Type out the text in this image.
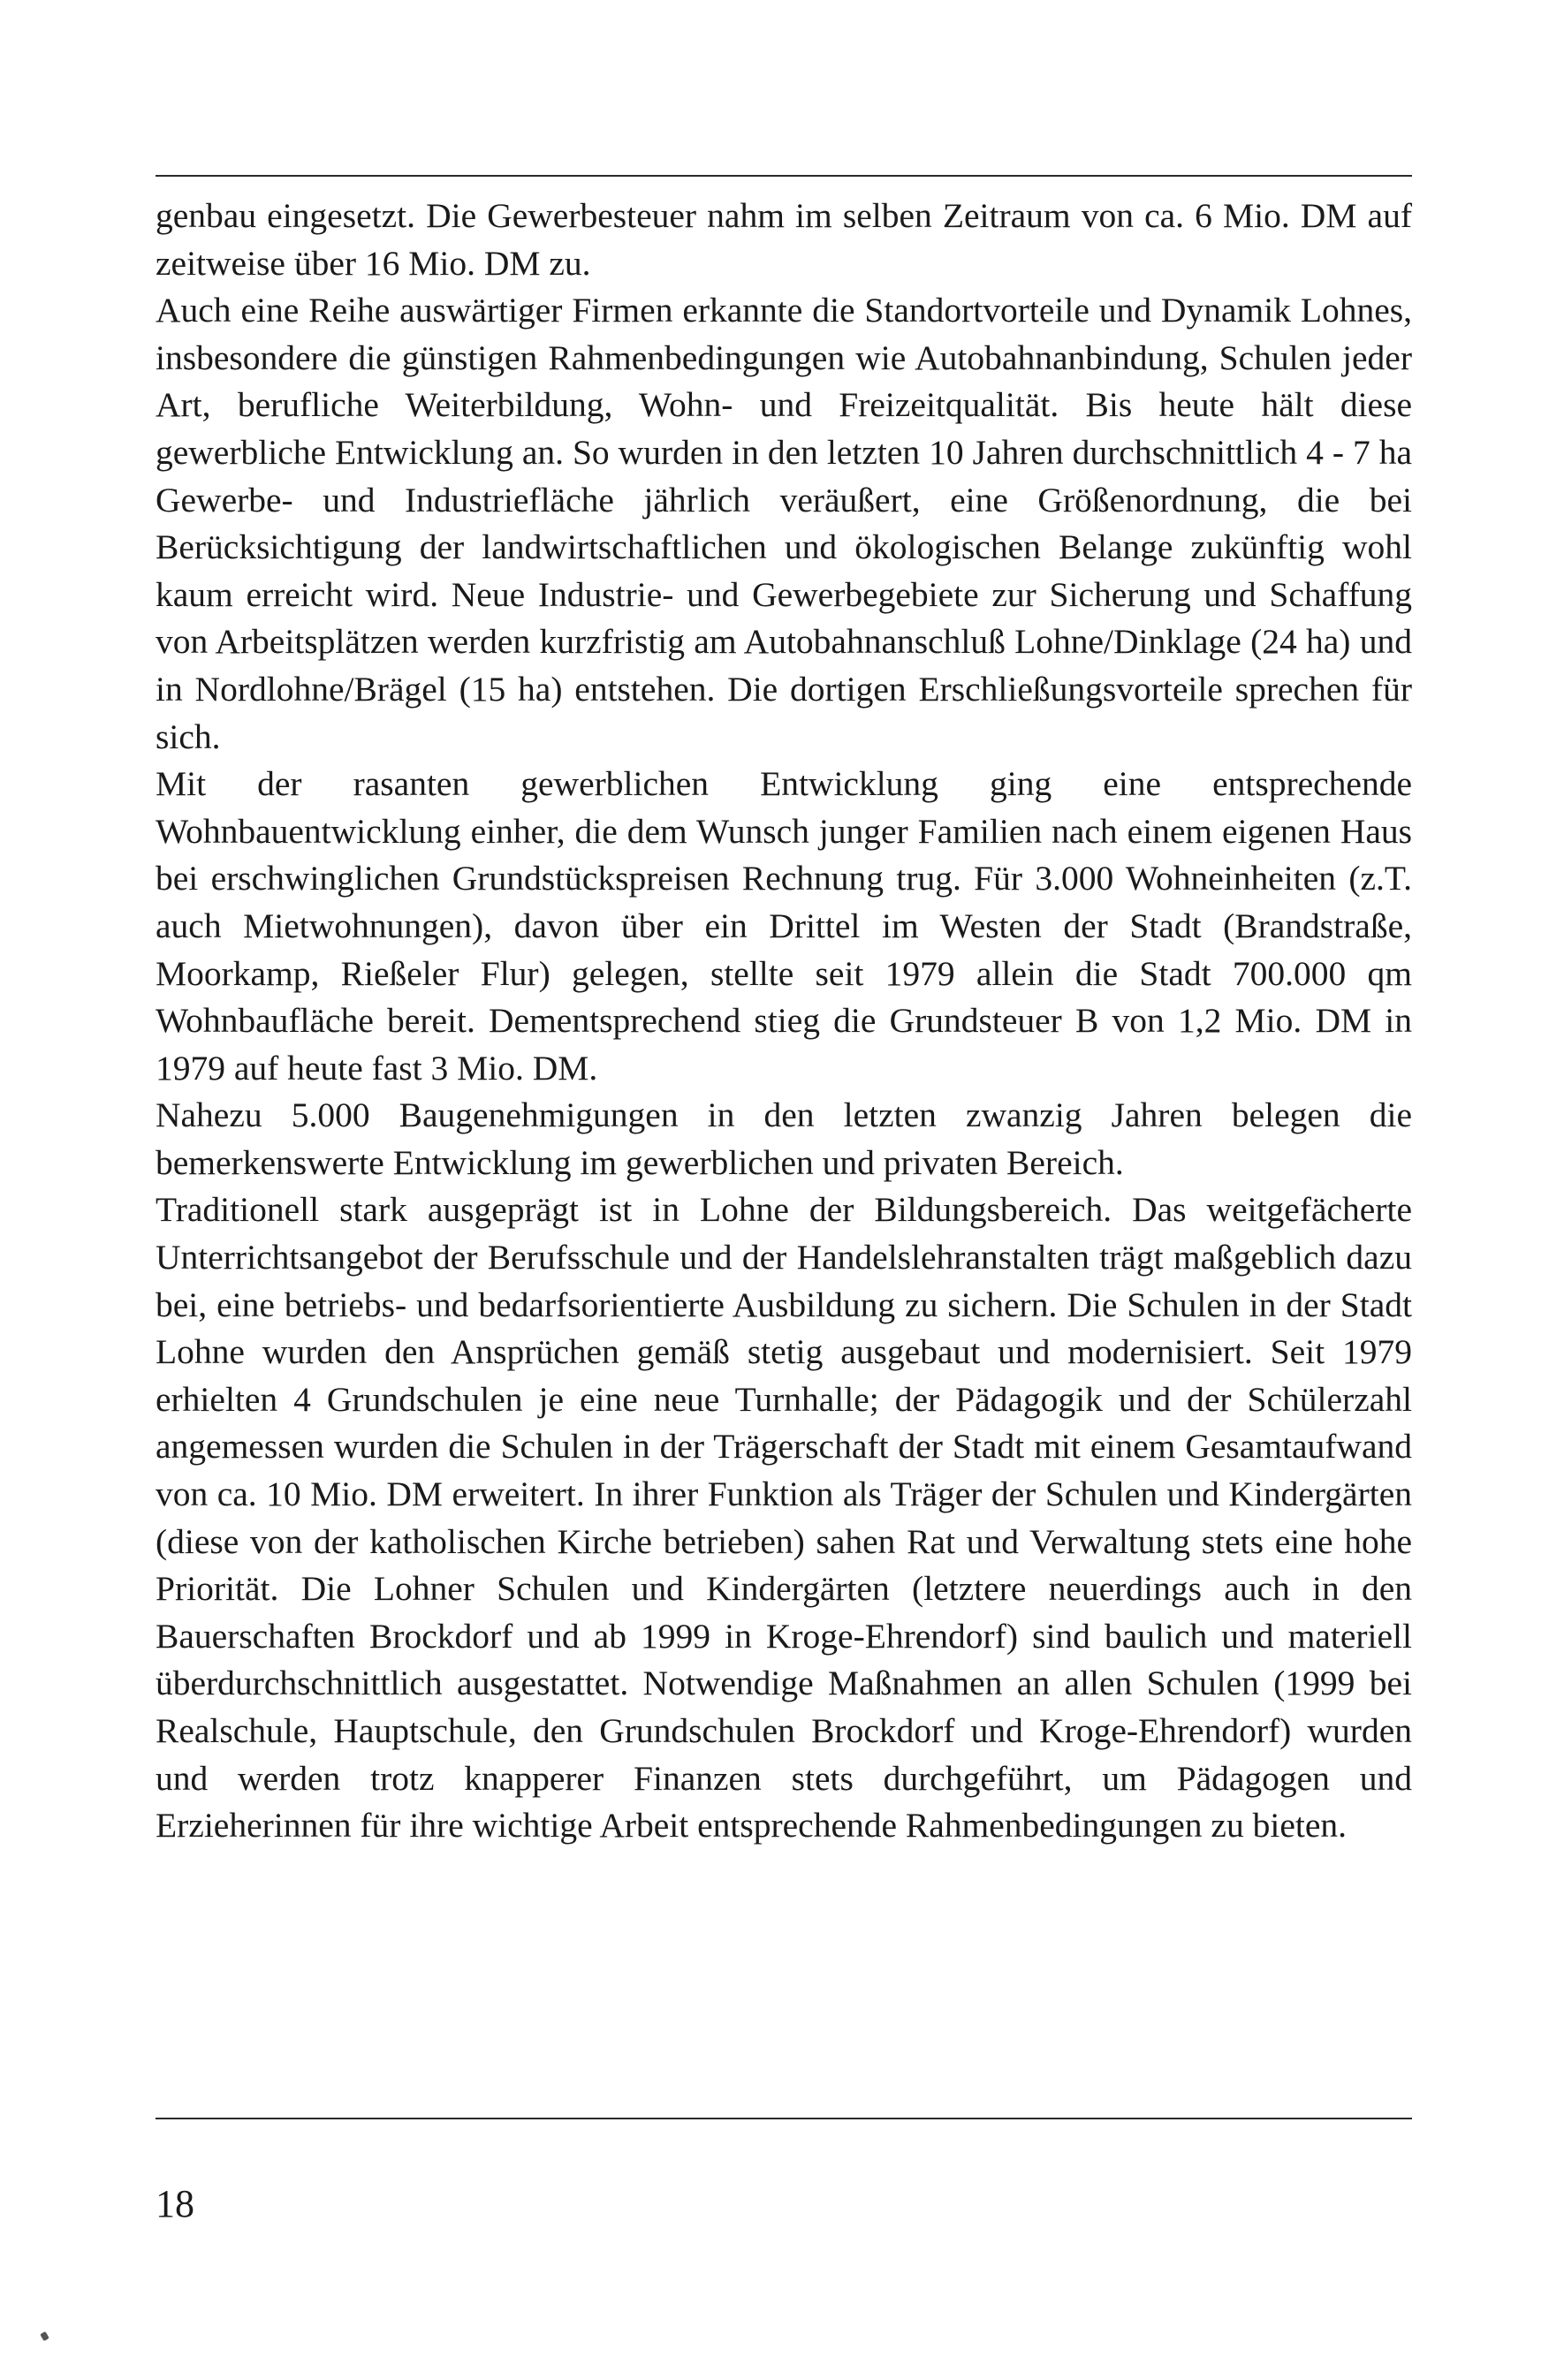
genbau eingesetzt. Die Gewerbesteuer nahm im selben Zeitraum von ca. 6 Mio. DM auf zeitweise über 16 Mio. DM zu.

Auch eine Reihe auswärtiger Firmen erkannte die Standortvorteile und Dynamik Lohnes, insbesondere die günstigen Rahmenbedingungen wie Autobahnanbindung, Schulen jeder Art, berufliche Weiterbildung, Wohn- und Freizeitqualität. Bis heute hält diese gewerbliche Entwicklung an. So wurden in den letzten 10 Jahren durchschnittlich 4 - 7 ha Gewerbe- und Industriefläche jährlich veräußert, eine Größenordnung, die bei Berücksichtigung der landwirtschaftlichen und ökologischen Belange zukünftig wohl kaum erreicht wird. Neue Industrie- und Gewerbegebiete zur Sicherung und Schaffung von Arbeitsplätzen werden kurzfristig am Autobahnanschluß Lohne/Dinklage (24 ha) und in Nordlohne/Brägel (15 ha) entstehen. Die dortigen Erschließungsvorteile sprechen für sich.

Mit der rasanten gewerblichen Entwicklung ging eine entsprechende Wohnbauentwicklung einher, die dem Wunsch junger Familien nach einem eigenen Haus bei erschwinglichen Grundstückspreisen Rechnung trug. Für 3.000 Wohneinheiten (z.T. auch Mietwohnungen), davon über ein Drittel im Westen der Stadt (Brandstraße, Moorkamp, Rießeler Flur) gelegen, stellte seit 1979 allein die Stadt 700.000 qm Wohnbaufläche bereit. Dementsprechend stieg die Grundsteuer B von 1,2 Mio. DM in 1979 auf heute fast 3 Mio. DM.

Nahezu 5.000 Baugenehmigungen in den letzten zwanzig Jahren belegen die bemerkenswerte Entwicklung im gewerblichen und privaten Bereich.

Traditionell stark ausgeprägt ist in Lohne der Bildungsbereich. Das weitgefächerte Unterrichtsangebot der Berufsschule und der Handelslehranstalten trägt maßgeblich dazu bei, eine betriebs- und bedarfsorientierte Ausbildung zu sichern. Die Schulen in der Stadt Lohne wurden den Ansprüchen gemäß stetig ausgebaut und modernisiert. Seit 1979 erhielten 4 Grundschulen je eine neue Turnhalle; der Pädagogik und der Schülerzahl angemessen wurden die Schulen in der Trägerschaft der Stadt mit einem Gesamtaufwand von ca. 10 Mio. DM erweitert. In ihrer Funktion als Träger der Schulen und Kindergärten (diese von der katholischen Kirche betrieben) sahen Rat und Verwaltung stets eine hohe Priorität. Die Lohner Schulen und Kindergärten (letztere neuerdings auch in den Bauerschaften Brockdorf und ab 1999 in Kroge-Ehrendorf) sind baulich und materiell überdurchschnittlich ausgestattet. Notwendige Maßnahmen an allen Schulen (1999 bei Realschule, Hauptschule, den Grundschulen Brockdorf und Kroge-Ehrendorf) wurden und werden trotz knapperer Finanzen stets durchgeführt, um Pädagogen und Erzieherinnen für ihre wichtige Arbeit entsprechende Rahmenbedingungen zu bieten.

18
